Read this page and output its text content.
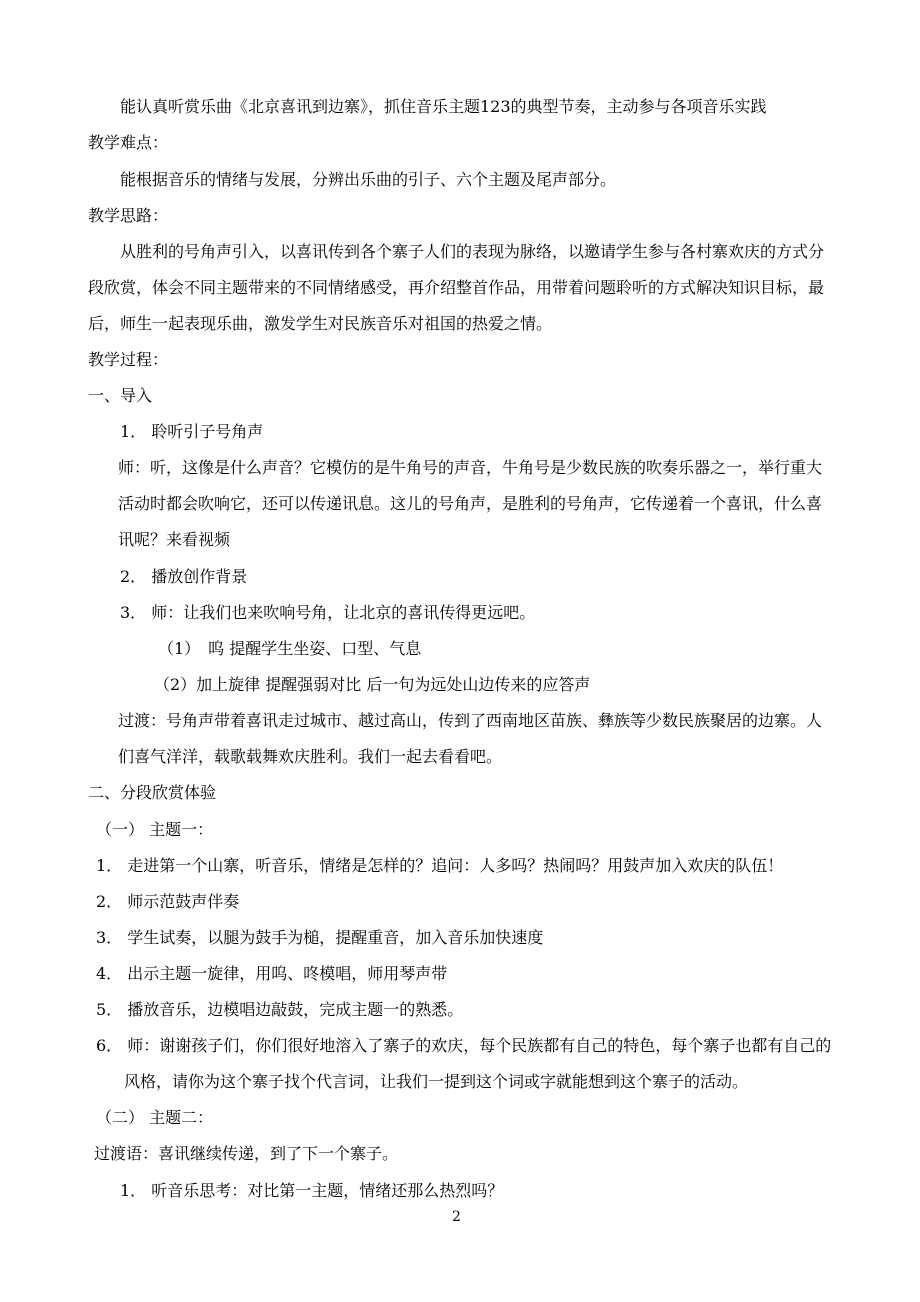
能认真听赏乐曲《北京喜讯到边寨》，抓住音乐主题123的典型节奏，主动参与各项音乐实践
教学难点：
能根据音乐的情绪与发展，分辨出乐曲的引子、六个主题及尾声部分。
教学思路：
从胜利的号角声引入，以喜讯传到各个寨子人们的表现为脉络，以邀请学生参与各村寨欢庆的方式分
段欣赏，体会不同主题带来的不同情绪感受，再介绍整首作品，用带着问题聆听的方式解决知识目标，最
后，师生一起表现乐曲，激发学生对民族音乐对祖国的热爱之情。
教学过程：
一、导入
1． 聆听引子号角声
师：听，这像是什么声音？它模仿的是牛角号的声音，牛角号是少数民族的吹奏乐器之一，举行重大
活动时都会吹响它，还可以传递讯息。这儿的号角声，是胜利的号角声，它传递着一个喜讯，什么喜
讯呢？来看视频
2． 播放创作背景
3． 师：让我们也来吹响号角，让北京的喜讯传得更远吧。
（1）　呜 提醒学生坐姿、口型、气息
（2）加上旋律 提醒强弱对比 后一句为远处山边传来的应答声
过渡：号角声带着喜讯走过城市、越过高山，传到了西南地区苗族、彝族等少数民族聚居的边寨。人
们喜气洋洋，载歌载舞欢庆胜利。我们一起去看看吧。
二、分段欣赏体验
（一） 主题一：
1． 走进第一个山寨，听音乐，情绪是怎样的？追问：人多吗？热闹吗？用鼓声加入欢庆的队伍！
2． 师示范鼓声伴奏
3． 学生试奏，以腿为鼓手为槌，提醒重音，加入音乐加快速度
4． 出示主题一旋律，用呜、咚模唱，师用琴声带
5． 播放音乐，边模唱边敲鼓，完成主题一的熟悉。
6． 师：谢谢孩子们，你们很好地溶入了寨子的欢庆，每个民族都有自己的特色，每个寨子也都有自己的
风格，请你为这个寨子找个代言词，让我们一提到这个词或字就能想到这个寨子的活动。
（二） 主题二：
过渡语：喜讯继续传递，到了下一个寨子。
1． 听音乐思考：对比第一主题，情绪还那么热烈吗？
2
